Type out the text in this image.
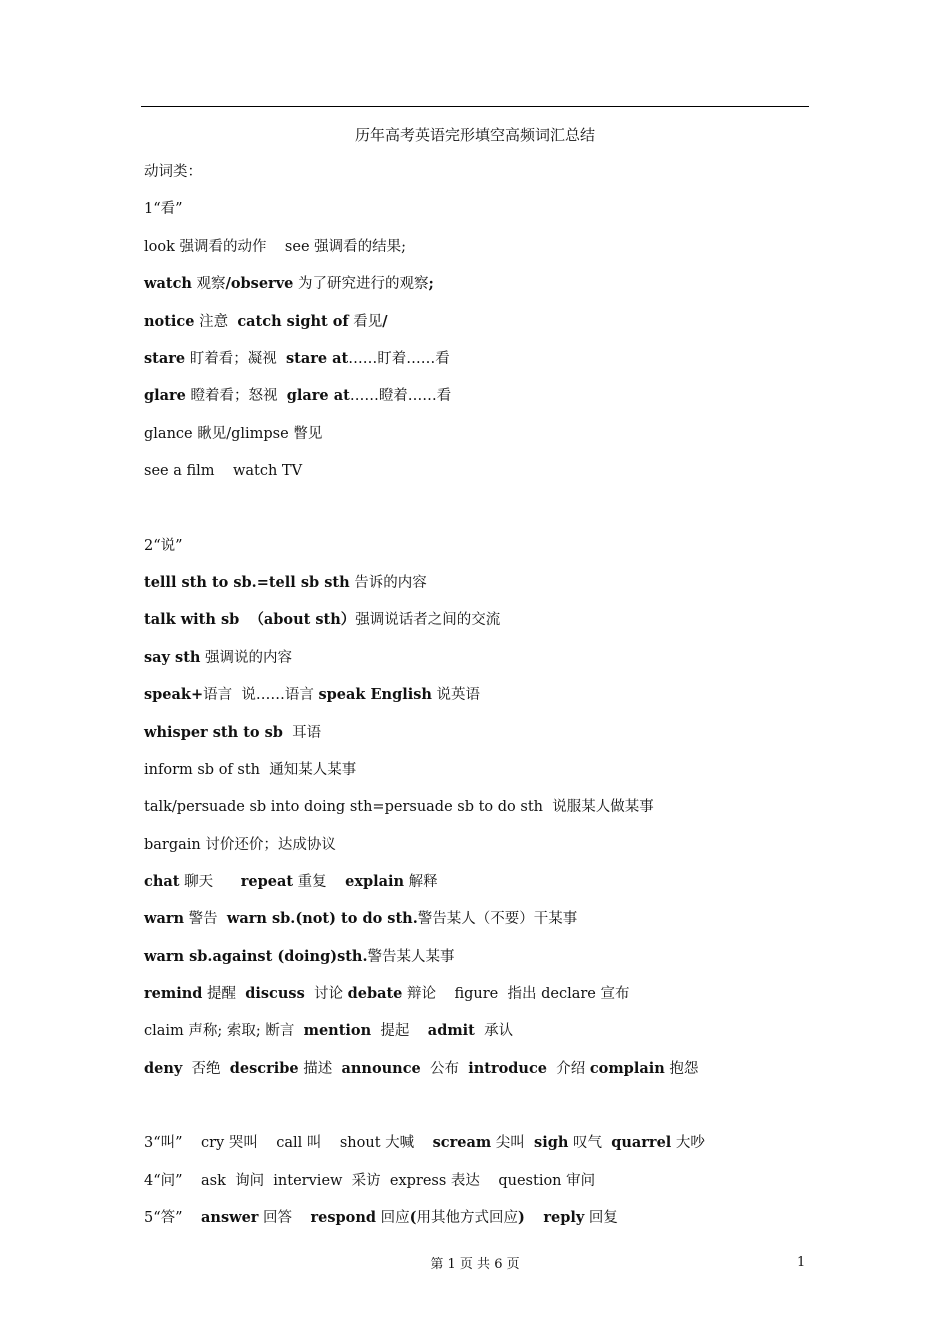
历年高考英语完形填空高频词汇总结
动词类：
1“看”
look 强调看的动作    see 强调看的结果;
watch 观察/observe 为了研究进行的观察;
notice 注意  catch sight of 看见/
stare 盯着看；凝视  stare at……盯着……看
glare 瞪着看；怒视  glare at……瞪着……看
glance 瞅见/glimpse 瞥见
see a film    watch TV
2“说”
telll sth to sb.=tell sb sth 告诉的内容
talk with sb  （about sth）强调说话者之间的交流
say sth 强调说的内容
speak+语言  说……语言 speak English 说英语
whisper sth to sb  耳语
inform sb of sth  通知某人某事
talk/persuade sb into doing sth=persuade sb to do sth  说服某人做某事
bargain 讨价还价；达成协议
chat 聊天      repeat 重复    explain 解释
warn 警告  warn sb.(not) to do sth.警告某人（不要）干某事
warn sb.against (doing)sth.警告某人某事
remind 提醒  discuss  讨论 debate 辩论    figure  指出 declare 宣布
claim 声称; 索取; 断言  mention  提起    admit  承认
deny  否绝  describe 描述  announce  公布  introduce  介绍 complain 抱怨
3“叫”    cry 哭叫    call 叫    shout 大喊    scream 尖叫  sigh 叹气  quarrel 大吵
4“问”    ask  询问  interview  采访  express 表达    question 审问
5“答”    answer 回答    respond 回应(用其他方式回应) reply 回复
第 1 页 共 6 页	1
